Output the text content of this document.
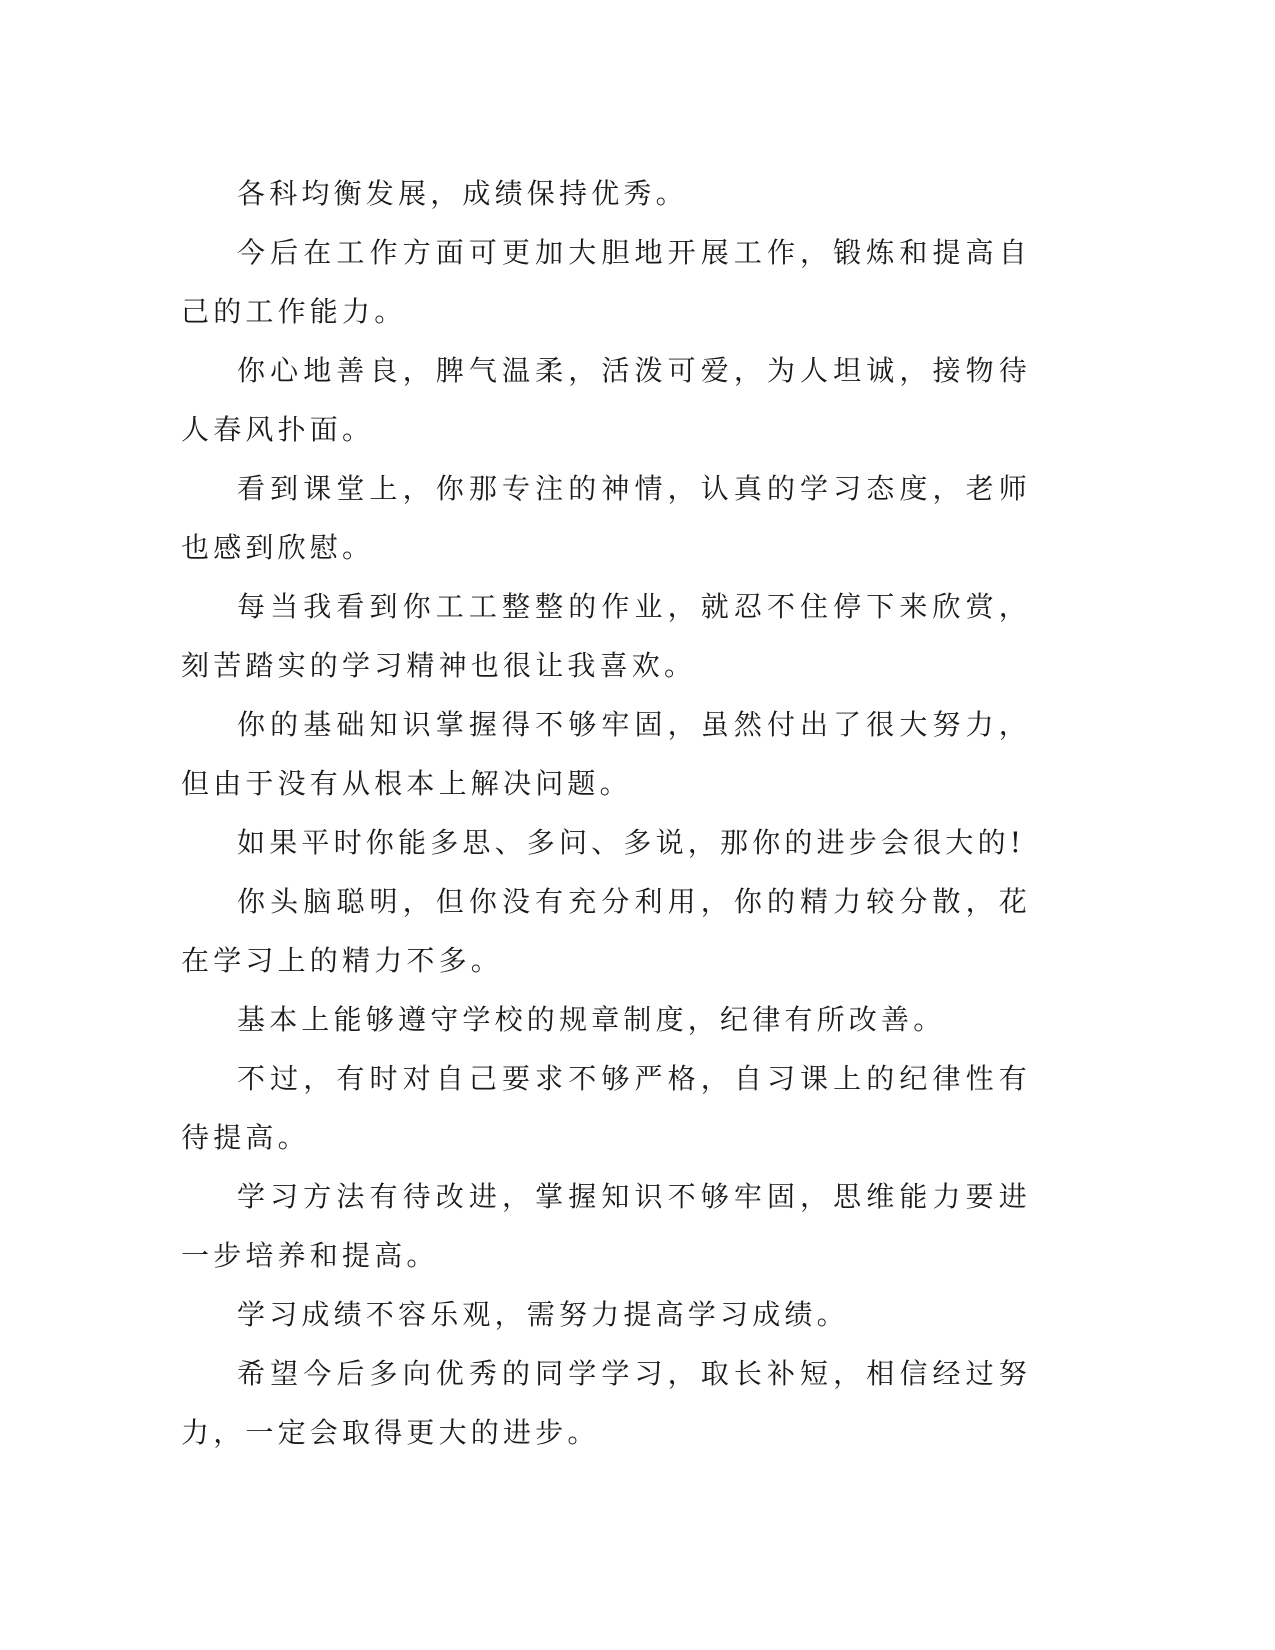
各科均衡发展，成绩保持优秀。

今后在工作方面可更加大胆地开展工作，锻炼和提高自己的工作能力。

你心地善良，脾气温柔，活泼可爱，为人坦诚，接物待人春风扑面。

看到课堂上，你那专注的神情，认真的学习态度，老师也感到欣慰。

每当我看到你工工整整的作业，就忍不住停下来欣赏，刻苦踏实的学习精神也很让我喜欢。

你的基础知识掌握得不够牢固，虽然付出了很大努力，但由于没有从根本上解决问题。

如果平时你能多思、多问、多说，那你的进步会很大的!

你头脑聪明，但你没有充分利用，你的精力较分散，花在学习上的精力不多。

基本上能够遵守学校的规章制度，纪律有所改善。

不过，有时对自己要求不够严格，自习课上的纪律性有待提高。

学习方法有待改进，掌握知识不够牢固，思维能力要进一步培养和提高。

学习成绩不容乐观，需努力提高学习成绩。

希望今后多向优秀的同学学习，取长补短，相信经过努力，一定会取得更大的进步。
